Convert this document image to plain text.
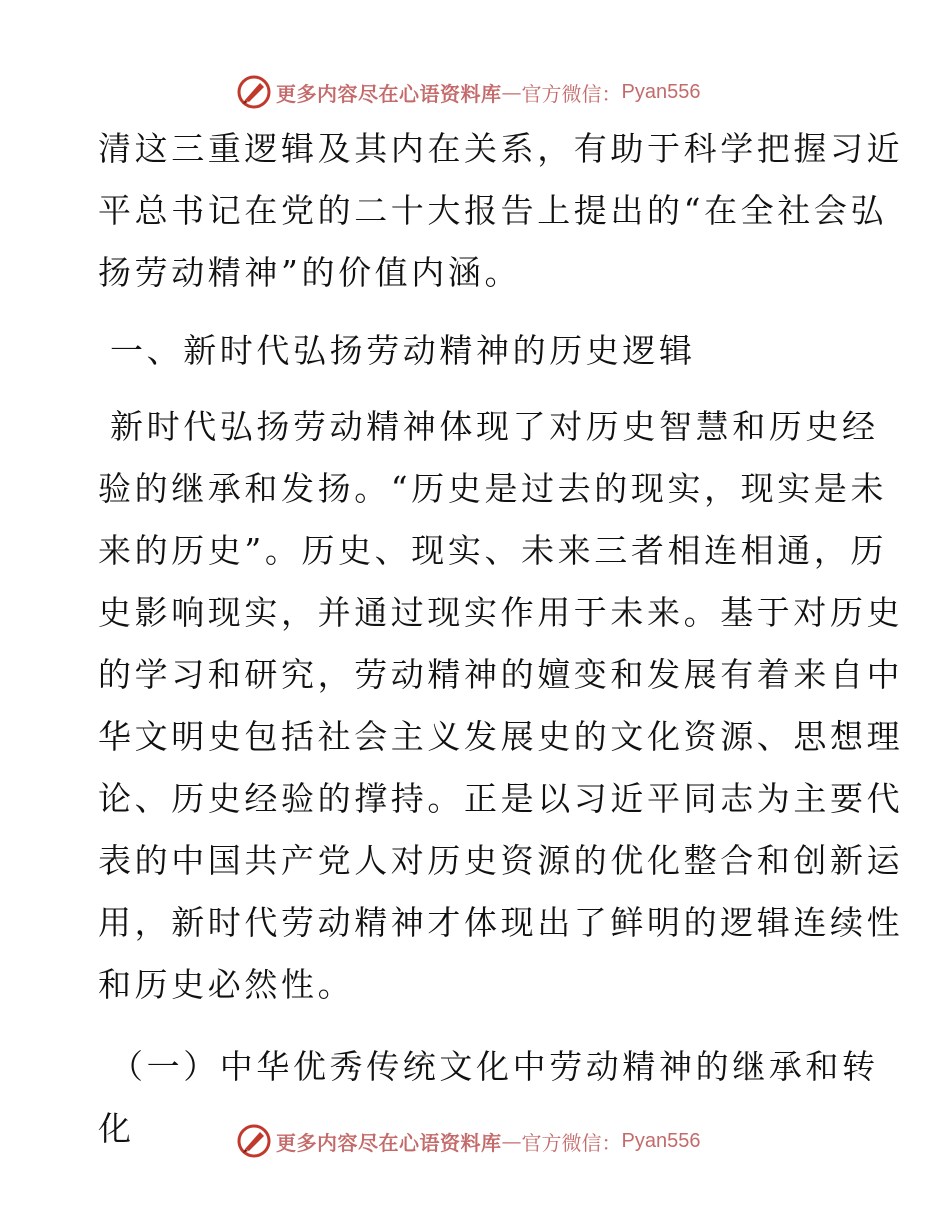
更多内容尽在心语资料库 — 官方微信： Pyan556

清这三重逻辑及其内在关系，有助于科学把握习近

平总书记在党的二十大报告上提出的“在全社会弘

扬劳动精神”的价值内涵。

一、新时代弘扬劳动精神的历史逻辑

新时代弘扬劳动精神体现了对历史智慧和历史经

验的继承和发扬。“历史是过去的现实，现实是未

来的历史”。历史、现实、未来三者相连相通，历

史影响现实，并通过现实作用于未来。基于对历史

的学习和研究，劳动精神的嬗变和发展有着来自中

华文明史包括社会主义发展史的文化资源、思想理

论、历史经验的撑持。正是以习近平同志为主要代

表的中国共产党人对历史资源的优化整合和创新运

用，新时代劳动精神才体现出了鲜明的逻辑连续性

和历史必然性。

（一）中华优秀传统文化中劳动精神的继承和转

化	更多内容尽在心语资料库 — 官方微信： Pyan556
